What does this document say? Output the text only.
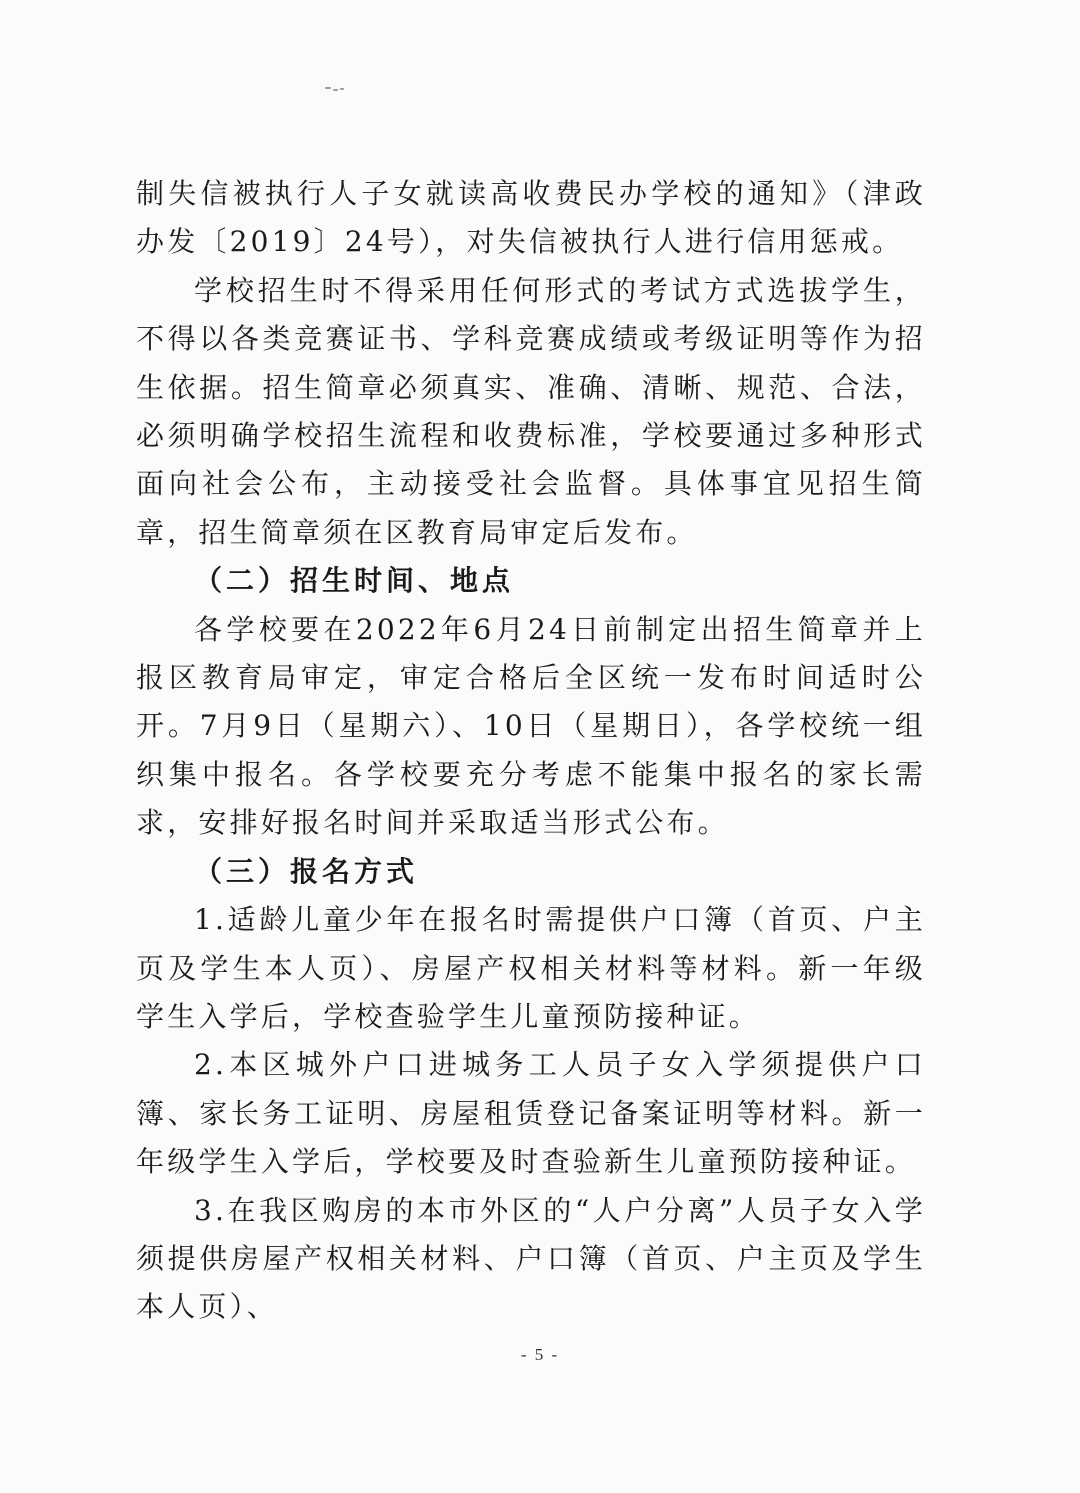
制失信被执行人子女就读高收费民办学校的通知》（津政办发〔2019〕24号），对失信被执行人进行信用惩戒。

学校招生时不得采用任何形式的考试方式选拔学生，不得以各类竞赛证书、学科竞赛成绩或考级证明等作为招生依据。招生简章必须真实、准确、清晰、规范、合法，必须明确学校招生流程和收费标准，学校要通过多种形式面向社会公布，主动接受社会监督。具体事宜见招生简章，招生简章须在区教育局审定后发布。

（二）招生时间、地点

各学校要在2022年6月24日前制定出招生简章并上报区教育局审定，审定合格后全区统一发布时间适时公开。7月9日（星期六）、10日（星期日），各学校统一组织集中报名。各学校要充分考虑不能集中报名的家长需求，安排好报名时间并采取适当形式公布。

（三）报名方式

1.适龄儿童少年在报名时需提供户口簿（首页、户主页及学生本人页）、房屋产权相关材料等材料。新一年级学生入学后，学校查验学生儿童预防接种证。

2.本区城外户口进城务工人员子女入学须提供户口簿、家长务工证明、房屋租赁登记备案证明等材料。新一年级学生入学后，学校要及时查验新生儿童预防接种证。

3.在我区购房的本市外区的“人户分离”人员子女入学须提供房屋产权相关材料、户口簿（首页、户主页及学生本人页）、

- 5 -
